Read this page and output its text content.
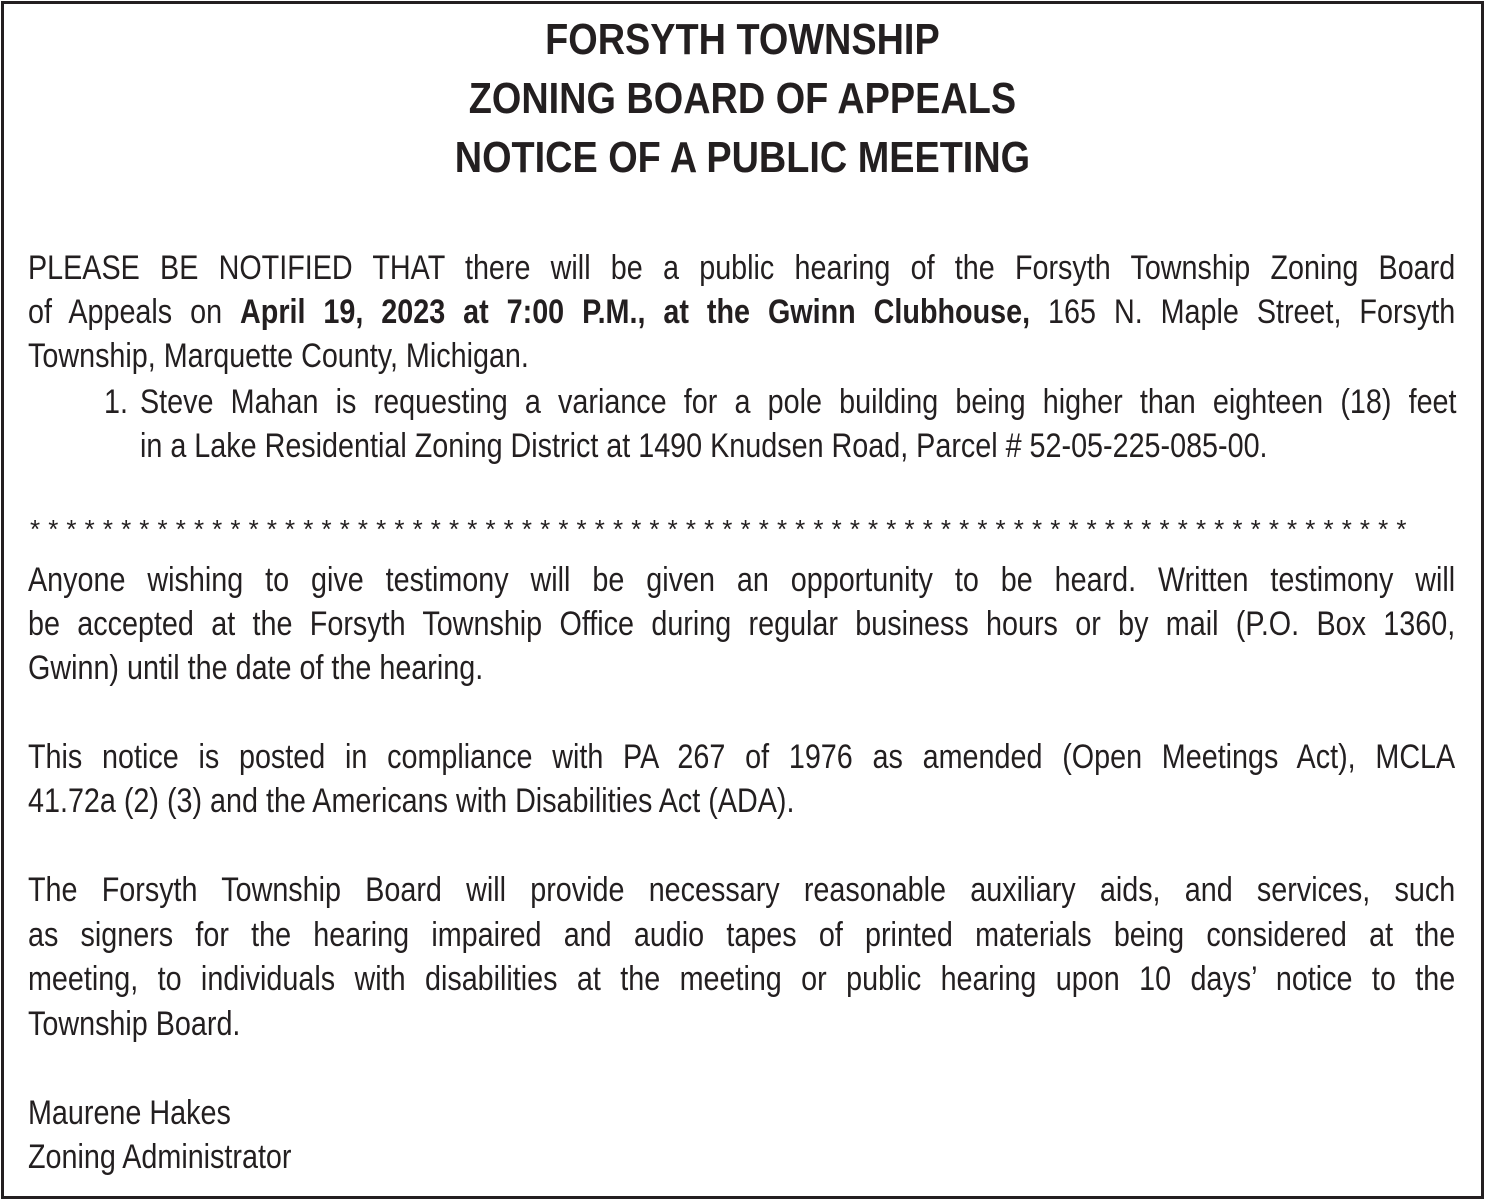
FORSYTH TOWNSHIP
ZONING BOARD OF APPEALS
NOTICE OF A PUBLIC MEETING
PLEASE BE NOTIFIED THAT there will be a public hearing of the Forsyth Township Zoning Board
of Appeals on April 19, 2023 at 7:00 P.M., at the Gwinn Clubhouse, 165 N. Maple Street, Forsyth
Township, Marquette County, Michigan.
1. Steve Mahan is requesting a variance for a pole building being higher than eighteen (18) feet
in a Lake Residential Zoning District at 1490 Knudsen Road, Parcel # 52-05-225-085-00.
****************************************************************************
Anyone wishing to give testimony will be given an opportunity to be heard. Written testimony will
be accepted at the Forsyth Township Office during regular business hours or by mail (P.O. Box 1360,
Gwinn) until the date of the hearing.
This notice is posted in compliance with PA 267 of 1976 as amended (Open Meetings Act), MCLA
41.72a (2) (3) and the Americans with Disabilities Act (ADA).
The Forsyth Township Board will provide necessary reasonable auxiliary aids, and services, such
as signers for the hearing impaired and audio tapes of printed materials being considered at the
meeting, to individuals with disabilities at the meeting or public hearing upon 10 days’ notice to the
Township Board.
Maurene Hakes
Zoning Administrator
